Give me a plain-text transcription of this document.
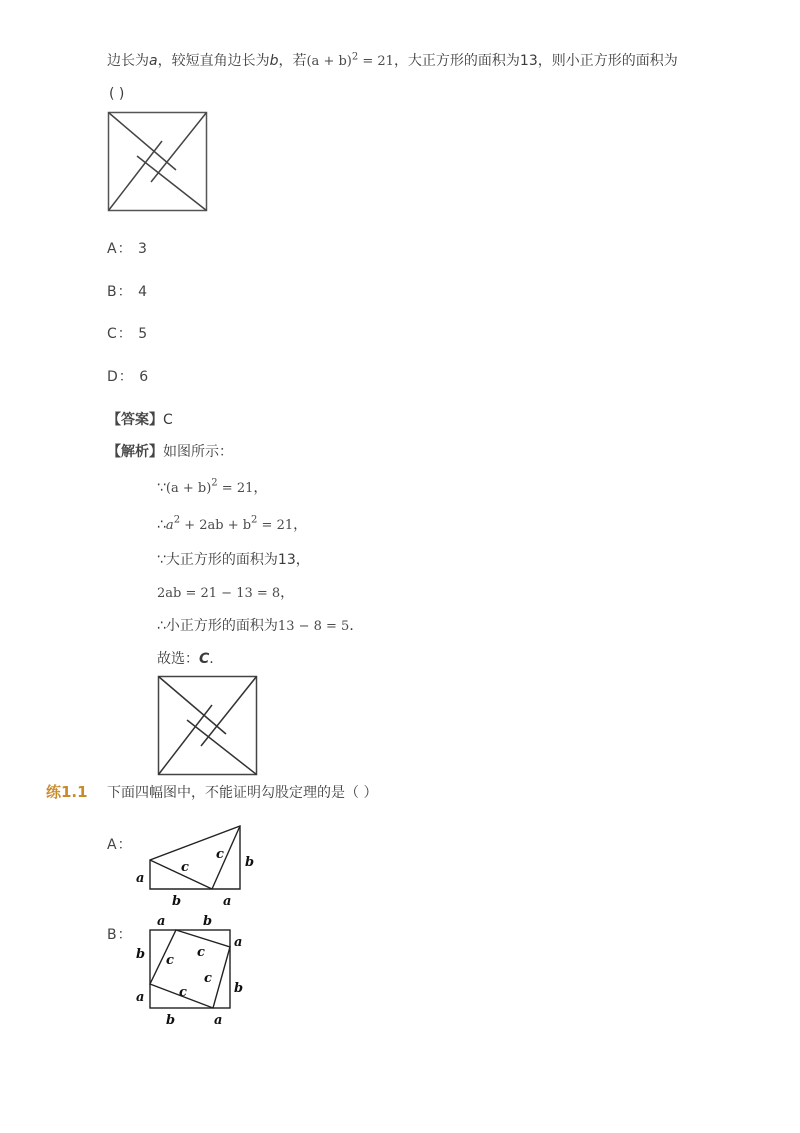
边长为a，较短直角边长为b，若$(a + b)^2 = 21$，大正方形的面积为13，则小正方形的面积为
( )
A： 3
B： 4
C： 5
D： 6
【答案】C
【解析】如图所示：
∵(a + b)$^2$ = 21，
$\therefore a^2 + 2ab + b^2 = 21$，
∵大正方形的面积为13，
2ab = 21 − 13 = 8，
∴小正方形的面积为13 − 8 = 5．
故选：C.
练1.1 下面四幅图中，不能证明勾股定理的是（ ）
A：
a
b	a
b
c
c
B：
a	b
a
b
b	a
b
a
c
c
c
c
